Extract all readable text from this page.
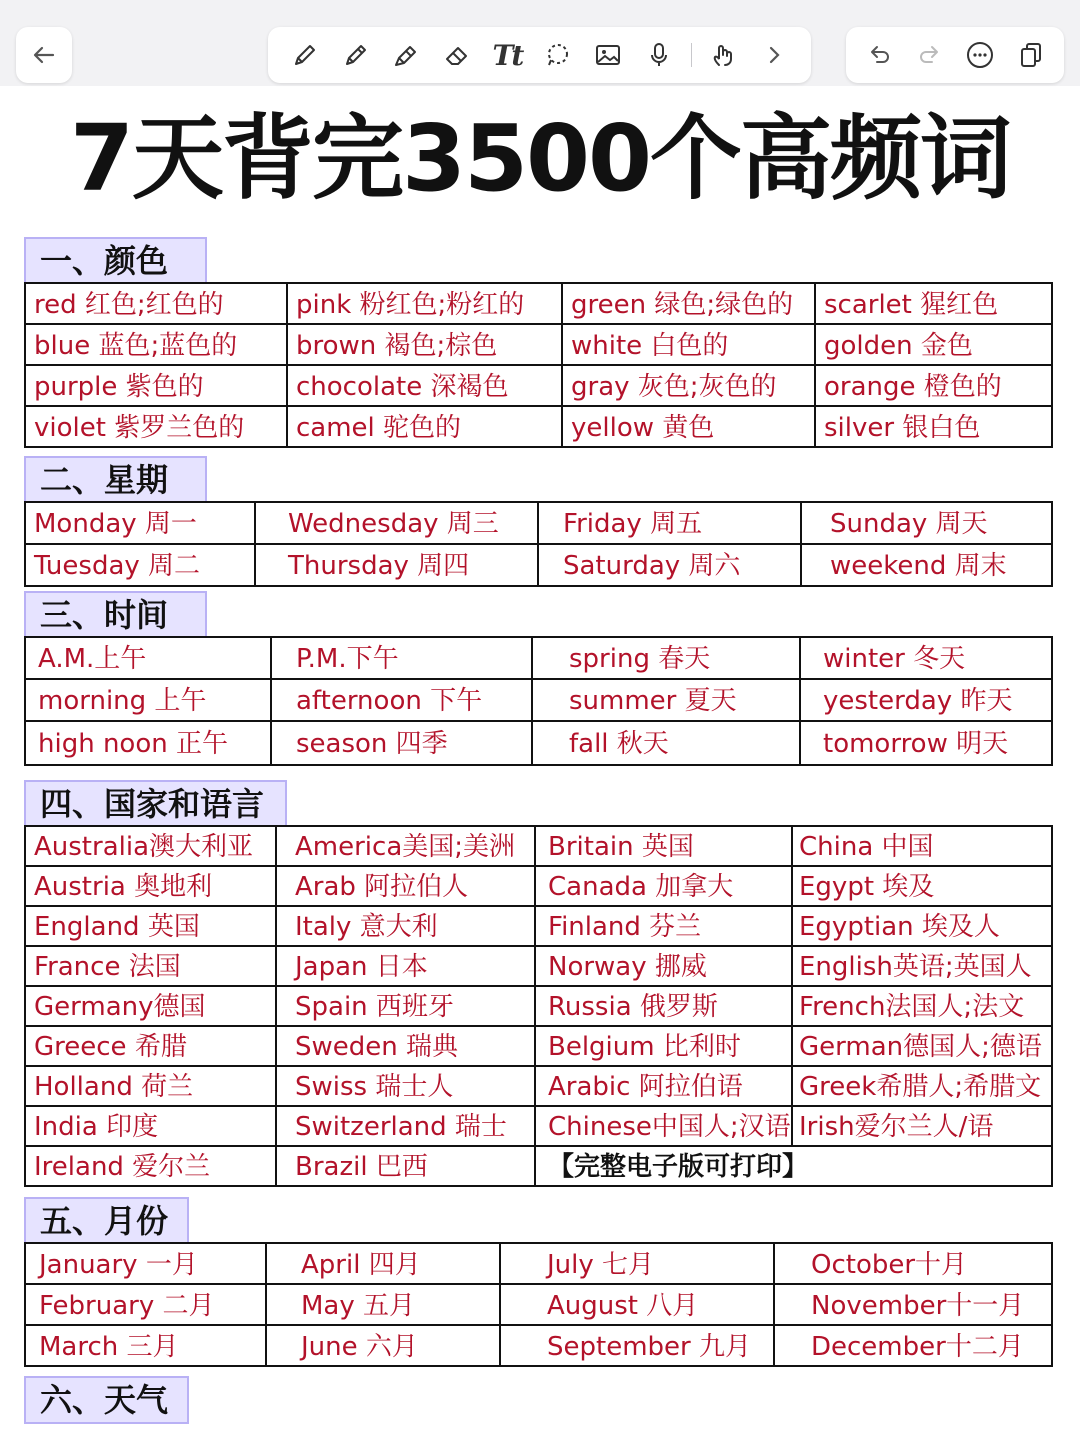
Tt
7天背完3500个高频词
一、颜色
red 红色;红色的	pink 粉红色;粉红的	green 绿色;绿色的	scarlet 猩红色
blue 蓝色;蓝色的	brown 褐色;棕色	white 白色的	golden 金色
purple 紫色的	chocolate 深褐色	gray 灰色;灰色的	orange 橙色的
violet 紫罗兰色的	camel 驼色的	yellow 黄色	silver 银白色
二、星期
Monday 周一	Wednesday 周三	Friday 周五	Sunday 周天
Tuesday 周二	Thursday 周四	Saturday 周六	weekend 周末
三、时间
A.M.上午	P.M.下午	spring 春天	winter 冬天
morning 上午	afternoon 下午	summer 夏天	yesterday 昨天
high noon 正午	season 四季	fall 秋天	tomorrow 明天
四、国家和语言
Australia澳大利亚	America美国;美洲	Britain 英国	China 中国
Austria 奥地利	Arab 阿拉伯人	Canada 加拿大	Egypt 埃及
England 英国	Italy 意大利	Finland 芬兰	Egyptian 埃及人
France 法国	Japan 日本	Norway 挪威	English英语;英国人
Germany德国	Spain 西班牙	Russia 俄罗斯	French法国人;法文
Greece 希腊	Sweden 瑞典	Belgium 比利时	German德国人;德语
Holland 荷兰	Swiss 瑞士人	Arabic 阿拉伯语	Greek希腊人;希腊文
India 印度	Switzerland 瑞士	Chinese中国人;汉语	Irish爱尔兰人/语
Ireland 爱尔兰	Brazil 巴西	【完整电子版可打印】	
五、月份
January 一月	April 四月	July 七月	October十月
February 二月	May 五月	August 八月	November十一月
March 三月	June 六月	September 九月	December十二月
六、天气
